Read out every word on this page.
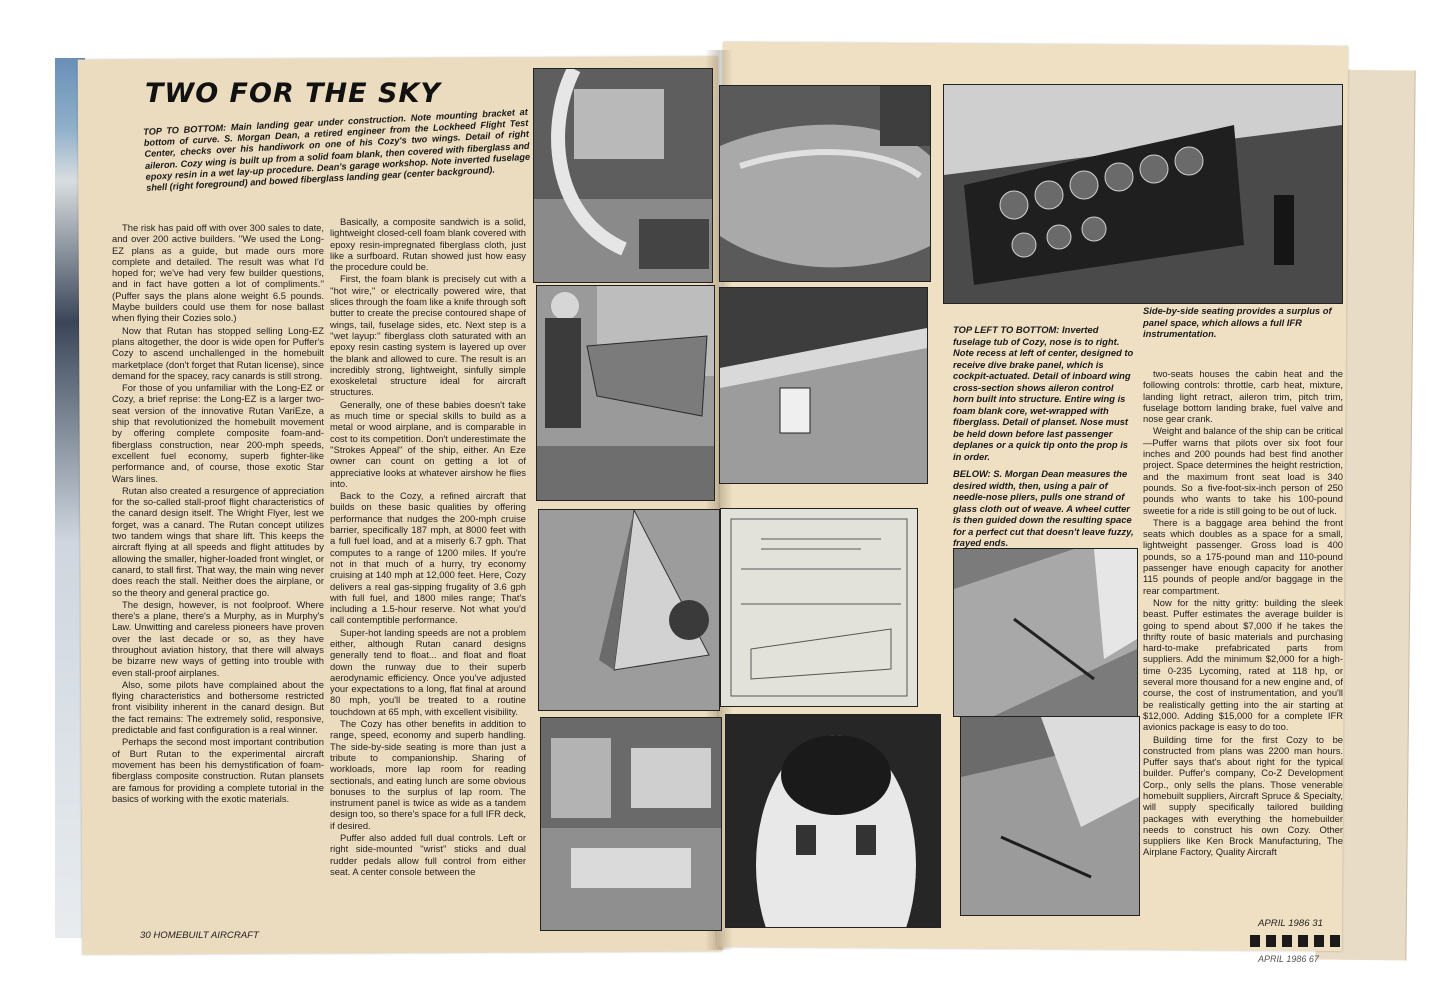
TWO FOR THE SKY
TOP TO BOTTOM: Main landing gear under construction. Note mounting bracket at bottom of curve. S. Morgan Dean, a retired engineer from the Lockheed Flight Test Center, checks over his handiwork on one of his Cozy's two wings. Detail of right aileron. Cozy wing is built up from a solid foam blank, then covered with fiberglass and epoxy resin in a wet lay-up procedure. Dean's garage workshop. Note inverted fuselage shell (right foreground) and bowed fiberglass landing gear (center background).

The risk has paid off with over 300 sales to date, and over 200 active builders. ''We used the Long-EZ plans as a guide, but made ours more complete and detailed. The result was what I'd hoped for; we've had very few builder questions, and in fact have gotten a lot of compliments.'' (Puffer says the plans alone weight 6.5 pounds. Maybe builders could use them for nose ballast when flying their Cozies solo.)

Now that Rutan has stopped selling Long-EZ plans altogether, the door is wide open for Puffer's Cozy to ascend unchallenged in the homebuilt marketplace (don't forget that Rutan license), since demand for the spacey, racy canards is still strong.

For those of you unfamiliar with the Long-EZ or Cozy, a brief reprise: the Long-EZ is a larger two-seat version of the innovative Rutan VariEze, a ship that revolutionized the homebuilt movement by offering complete composite foam-and-fiberglass construction, near 200-mph speeds, excellent fuel economy, superb fighter-like performance and, of course, those exotic Star Wars lines.

Rutan also created a resurgence of appreciation for the so-called stall-proof flight characteristics of the canard design itself. The Wright Flyer, lest we forget, was a canard. The Rutan concept utilizes two tandem wings that share lift. This keeps the aircraft flying at all speeds and flight attitudes by allowing the smaller, higher-loaded front winglet, or canard, to stall first. That way, the main wing never does reach the stall. Neither does the airplane, or so the theory and general practice go.

The design, however, is not foolproof. Where there's a plane, there's a Murphy, as in Murphy's Law. Unwitting and careless pioneers have proven over the last decade or so, as they have throughout aviation history, that there will always be bizarre new ways of getting into trouble with even stall-proof airplanes.

Also, some pilots have complained about the flying characteristics and bothersome restricted front visibility inherent in the canard design. But the fact remains: The extremely solid, responsive, predictable and fast configuration is a real winner.

Perhaps the second most important contribution of Burt Rutan to the experimental aircraft movement has been his demystification of foam-fiberglass composite construction. Rutan plansets are famous for providing a complete tutorial in the basics of working with the exotic materials.

Basically, a composite sandwich is a solid, lightweight closed-cell foam blank covered with epoxy resin-impregnated fiberglass cloth, just like a surfboard. Rutan showed just how easy the procedure could be.

First, the foam blank is precisely cut with a ''hot wire,'' or electrically powered wire, that slices through the foam like a knife through soft butter to create the precise contoured shape of wings, tail, fuselage sides, etc. Next step is a ''wet layup:'' fiberglass cloth saturated with an epoxy resin casting system is layered up over the blank and allowed to cure. The result is an incredibly strong, lightweight, sinfully simple exoskeletal structure ideal for aircraft structures.

Generally, one of these babies doesn't take as much time or special skills to build as a metal or wood airplane, and is comparable in cost to its competition. Don't underestimate the ''Strokes Appeal'' of the ship, either. An Eze owner can count on getting a lot of appreciative looks at whatever airshow he flies into.

Back to the Cozy, a refined aircraft that builds on these basic qualities by offering performance that nudges the 200-mph cruise barrier, specifically 187 mph, at 8000 feet with a full fuel load, and at a miserly 6.7 gph. That computes to a range of 1200 miles. If you're not in that much of a hurry, try economy cruising at 140 mph at 12,000 feet. Here, Cozy delivers a real gas-sipping frugality of 3.6 gph with full fuel, and 1800 miles range; That's including a 1.5-hour reserve. Not what you'd call contemptible performance.

Super-hot landing speeds are not a problem either, although Rutan canard designs generally tend to float... and float and float down the runway due to their superb aerodynamic efficiency. Once you've adjusted your expectations to a long, flat final at around 80 mph, you'll be treated to a routine touchdown at 65 mph, with excellent visibility.

The Cozy has other benefits in addition to range, speed, economy and superb handling. The side-by-side seating is more than just a tribute to companionship. Sharing of workloads, more lap room for reading sectionals, and eating lunch are some obvious bonuses to the surplus of lap room. The instrument panel is twice as wide as a tandem design too, so there's space for a full IFR deck, if desired.

Puffer also added full dual controls. Left or right side-mounted ''wrist'' sticks and dual rudder pedals allow full control from either seat. A center console between the

two-seats houses the cabin heat and the following controls: throttle, carb heat, mixture, landing light retract, aileron trim, pitch trim, fuselage bottom landing brake, fuel valve and nose gear crank.

Weight and balance of the ship can be critical—Puffer warns that pilots over six foot four inches and 200 pounds had best find another project. Space determines the height restriction, and the maximum front seat load is 340 pounds. So a five-foot-six-inch person of 250 pounds who wants to take his 100-pound sweetie for a ride is still going to be out of luck.

There is a baggage area behind the front seats which doubles as a space for a small, lightweight passenger. Gross load is 400 pounds, so a 175-pound man and 110-pound passenger have enough capacity for another 115 pounds of people and/or baggage in the rear compartment.

Now for the nitty gritty: building the sleek beast. Puffer estimates the average builder is going to spend about $7,000 if he takes the thrifty route of basic materials and purchasing hard-to-make prefabricated parts from suppliers. Add the minimum $2,000 for a high-time 0-235 Lycoming, rated at 118 hp, or several more thousand for a new engine and, of course, the cost of instrumentation, and you'll be realistically getting into the air starting at $12,000. Adding $15,000 for a complete IFR avionics package is easy to do too.

Building time for the first Cozy to be constructed from plans was 2200 man hours. Puffer says that's about right for the typical builder. Puffer's company, Co-Z Development Corp., only sells the plans. Those venerable homebuilt suppliers, Aircraft Spruce & Specialty, will supply specifically tailored building packages with everything the homebuilder needs to construct his own Cozy. Other suppliers like Ken Brock Manufacturing, The Airplane Factory, Quality Aircraft

TOP LEFT TO BOTTOM: Inverted fuselage tub of Cozy, nose is to right. Note recess at left of center, designed to receive dive brake panel, which is cockpit-actuated. Detail of inboard wing cross-section shows aileron control horn built into structure. Entire wing is foam blank core, wet-wrapped with fiberglass. Detail of planset. Nose must be held down before last passenger deplanes or a quick tip onto the prop is in order.
BELOW: S. Morgan Dean measures the desired width, then, using a pair of needle-nose pliers, pulls one strand of glass cloth out of weave. A wheel cutter is then guided down the resulting space for a perfect cut that doesn't leave fuzzy, frayed ends.
Side-by-side seating provides a surplus of panel space, which allows a full IFR instrumentation.
30 HOMEBUILT AIRCRAFT
APRIL 1986 31
APRIL 1986 67
